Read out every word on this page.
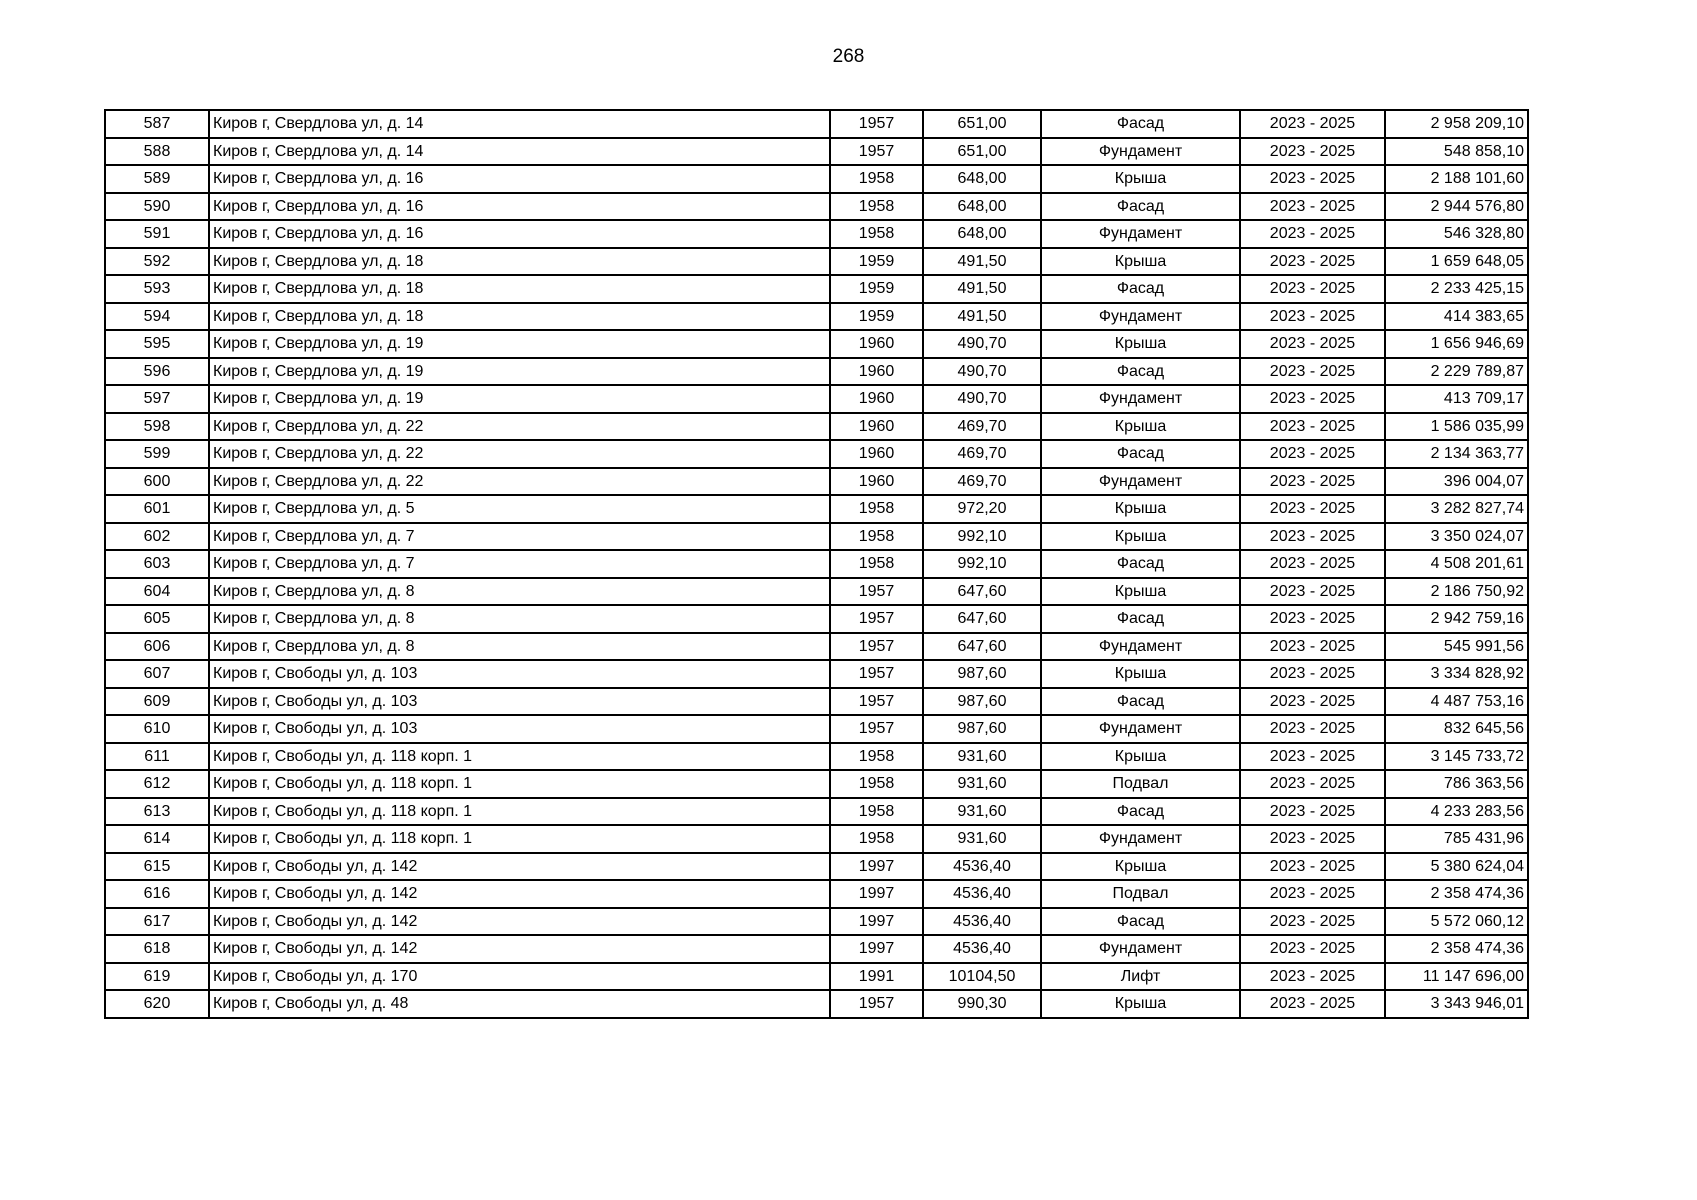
268
587	Киров г, Свердлова ул, д. 14	1957	651,00	Фасад	2023 - 2025	2 958 209,10
588	Киров г, Свердлова ул, д. 14	1957	651,00	Фундамент	2023 - 2025	548 858,10
589	Киров г, Свердлова ул, д. 16	1958	648,00	Крыша	2023 - 2025	2 188 101,60
590	Киров г, Свердлова ул, д. 16	1958	648,00	Фасад	2023 - 2025	2 944 576,80
591	Киров г, Свердлова ул, д. 16	1958	648,00	Фундамент	2023 - 2025	546 328,80
592	Киров г, Свердлова ул, д. 18	1959	491,50	Крыша	2023 - 2025	1 659 648,05
593	Киров г, Свердлова ул, д. 18	1959	491,50	Фасад	2023 - 2025	2 233 425,15
594	Киров г, Свердлова ул, д. 18	1959	491,50	Фундамент	2023 - 2025	414 383,65
595	Киров г, Свердлова ул, д. 19	1960	490,70	Крыша	2023 - 2025	1 656 946,69
596	Киров г, Свердлова ул, д. 19	1960	490,70	Фасад	2023 - 2025	2 229 789,87
597	Киров г, Свердлова ул, д. 19	1960	490,70	Фундамент	2023 - 2025	413 709,17
598	Киров г, Свердлова ул, д. 22	1960	469,70	Крыша	2023 - 2025	1 586 035,99
599	Киров г, Свердлова ул, д. 22	1960	469,70	Фасад	2023 - 2025	2 134 363,77
600	Киров г, Свердлова ул, д. 22	1960	469,70	Фундамент	2023 - 2025	396 004,07
601	Киров г, Свердлова ул, д. 5	1958	972,20	Крыша	2023 - 2025	3 282 827,74
602	Киров г, Свердлова ул, д. 7	1958	992,10	Крыша	2023 - 2025	3 350 024,07
603	Киров г, Свердлова ул, д. 7	1958	992,10	Фасад	2023 - 2025	4 508 201,61
604	Киров г, Свердлова ул, д. 8	1957	647,60	Крыша	2023 - 2025	2 186 750,92
605	Киров г, Свердлова ул, д. 8	1957	647,60	Фасад	2023 - 2025	2 942 759,16
606	Киров г, Свердлова ул, д. 8	1957	647,60	Фундамент	2023 - 2025	545 991,56
607	Киров г, Свободы ул, д. 103	1957	987,60	Крыша	2023 - 2025	3 334 828,92
609	Киров г, Свободы ул, д. 103	1957	987,60	Фасад	2023 - 2025	4 487 753,16
610	Киров г, Свободы ул, д. 103	1957	987,60	Фундамент	2023 - 2025	832 645,56
611	Киров г, Свободы ул, д. 118 корп. 1	1958	931,60	Крыша	2023 - 2025	3 145 733,72
612	Киров г, Свободы ул, д. 118 корп. 1	1958	931,60	Подвал	2023 - 2025	786 363,56
613	Киров г, Свободы ул, д. 118 корп. 1	1958	931,60	Фасад	2023 - 2025	4 233 283,56
614	Киров г, Свободы ул, д. 118 корп. 1	1958	931,60	Фундамент	2023 - 2025	785 431,96
615	Киров г, Свободы ул, д. 142	1997	4536,40	Крыша	2023 - 2025	5 380 624,04
616	Киров г, Свободы ул, д. 142	1997	4536,40	Подвал	2023 - 2025	2 358 474,36
617	Киров г, Свободы ул, д. 142	1997	4536,40	Фасад	2023 - 2025	5 572 060,12
618	Киров г, Свободы ул, д. 142	1997	4536,40	Фундамент	2023 - 2025	2 358 474,36
619	Киров г, Свободы ул, д. 170	1991	10104,50	Лифт	2023 - 2025	11 147 696,00
620	Киров г, Свободы ул, д. 48	1957	990,30	Крыша	2023 - 2025	3 343 946,01
